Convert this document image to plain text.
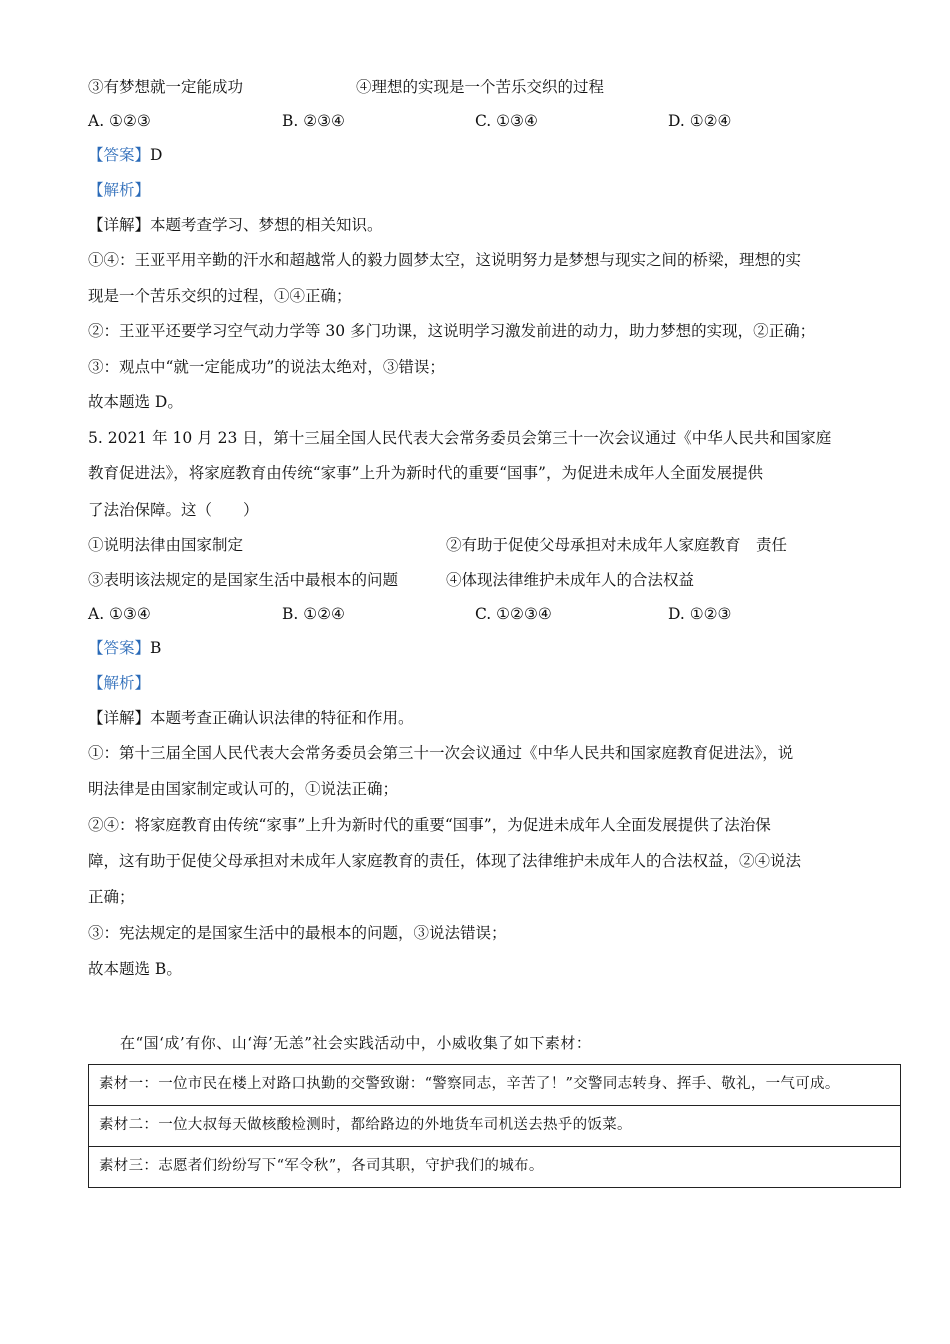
③有梦想就一定能成功	④理想的实现是一个苦乐交织的过程
A. ①②③	B. ②③④	C. ①③④	D. ①②④
【答案】D
【解析】
【详解】本题考查学习、梦想的相关知识。
①④：王亚平用辛勤的汗水和超越常人的毅力圆梦太空，这说明努力是梦想与现实之间的桥梁，理想的实
现是一个苦乐交织的过程，①④正确；
②：王亚平还要学习空气动力学等 30 多门功课，这说明学习激发前进的动力，助力梦想的实现，②正确；
③：观点中“就一定能成功”的说法太绝对，③错误；
故本题选 D。
5. 2021 年 10 月 23 日，第十三届全国人民代表大会常务委员会第三十一次会议通过《中华人民共和国家庭
教育促进法》，将家庭教育由传统“家事”上升为新时代的重要“国事”，为促进未成年人全面发展提供
了法治保障。这（　　）
①说明法律由国家制定	②有助于促使父母承担对未成年人家庭教育　责任
③表明该法规定的是国家生活中最根本的问题	④体现法律维护未成年人的合法权益
A. ①③④	B. ①②④	C. ①②③④	D. ①②③
【答案】B
【解析】
【详解】本题考查正确认识法律的特征和作用。
①：第十三届全国人民代表大会常务委员会第三十一次会议通过《中华人民共和国家庭教育促进法》，说
明法律是由国家制定或认可的，①说法正确；
②④：将家庭教育由传统“家事”上升为新时代的重要“国事”，为促进未成年人全面发展提供了法治保
障，这有助于促使父母承担对未成年人家庭教育的责任，体现了法律维护未成年人的合法权益，②④说法
正确；
③：宪法规定的是国家生活中的最根本的问题，③说法错误；
故本题选 B。
在“国‘成’有你、山‘海’无恙”社会实践活动中，小威收集了如下素材：
素材一：一位市民在楼上对路口执勤的交警致谢：“警察同志，辛苦了！”交警同志转身、挥手、敬礼，一气可成。
素材二：一位大叔每天做核酸检测时，都给路边的外地货车司机送去热乎的饭菜。
素材三：志愿者们纷纷写下“军令秋”，各司其职，守护我们的城布。
